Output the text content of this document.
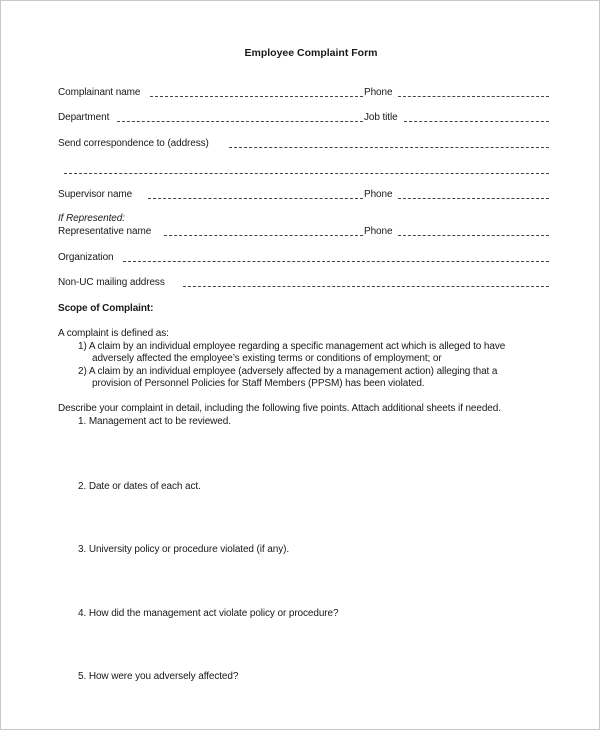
Employee Complaint Form
Complainant name	Phone
Department	Job title
Send correspondence to (address)
Supervisor name	Phone
If Represented:
Representative name	Phone
Organization
Non-UC mailing address
Scope of Complaint:
A complaint is defined as:
1) A claim by an individual employee regarding a specific management act which is alleged to have
adversely affected the employee’s existing terms or conditions of employment; or
2) A claim by an individual employee (adversely affected by a management action) alleging that a
provision of Personnel Policies for Staff Members (PPSM) has been violated.
Describe your complaint in detail, including the following five points. Attach additional sheets if needed.
1. Management act to be reviewed.
2. Date or dates of each act.
3. University policy or procedure violated (if any).
4. How did the management act violate policy or procedure?
5. How were you adversely affected?
